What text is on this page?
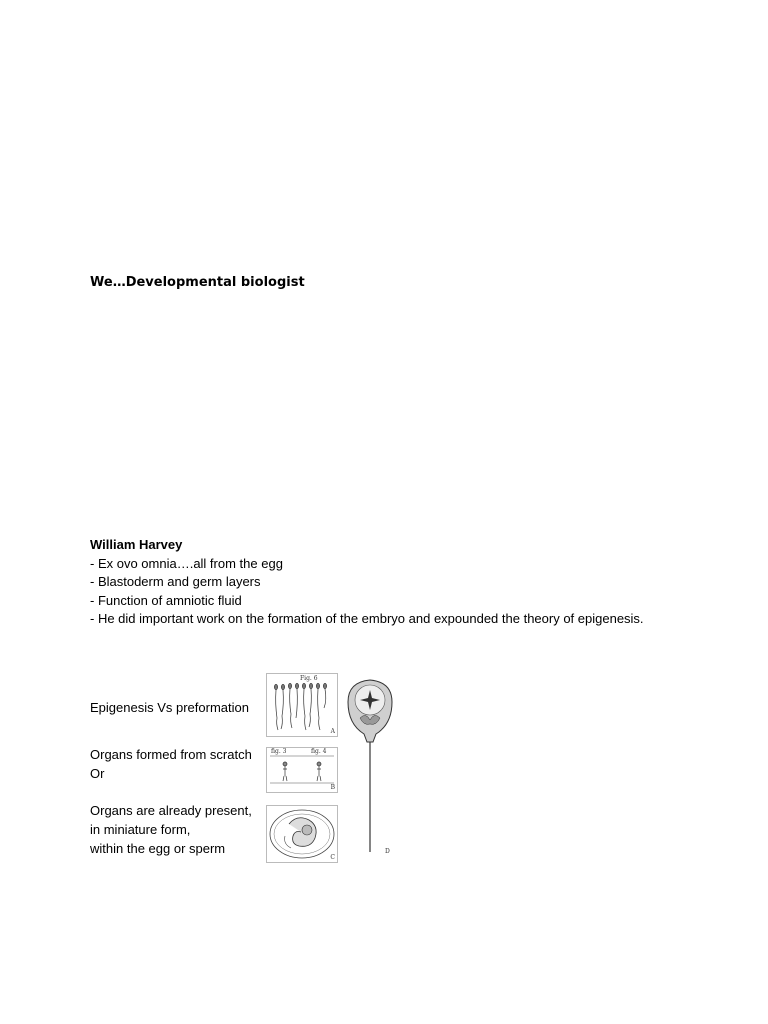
We…Developmental biologist
William Harvey
- Ex ovo omnia….all from the egg
- Blastoderm and germ layers
- Function of amniotic fluid
- He did important work on the formation of the embryo and expounded the theory of epigenesis.
Epigenesis Vs preformation
Organs formed from scratch
Or
Organs are already present,
in miniature form,
within the egg or sperm
Fig. 6
A
fig. 3	fig. 4
B
C
D
